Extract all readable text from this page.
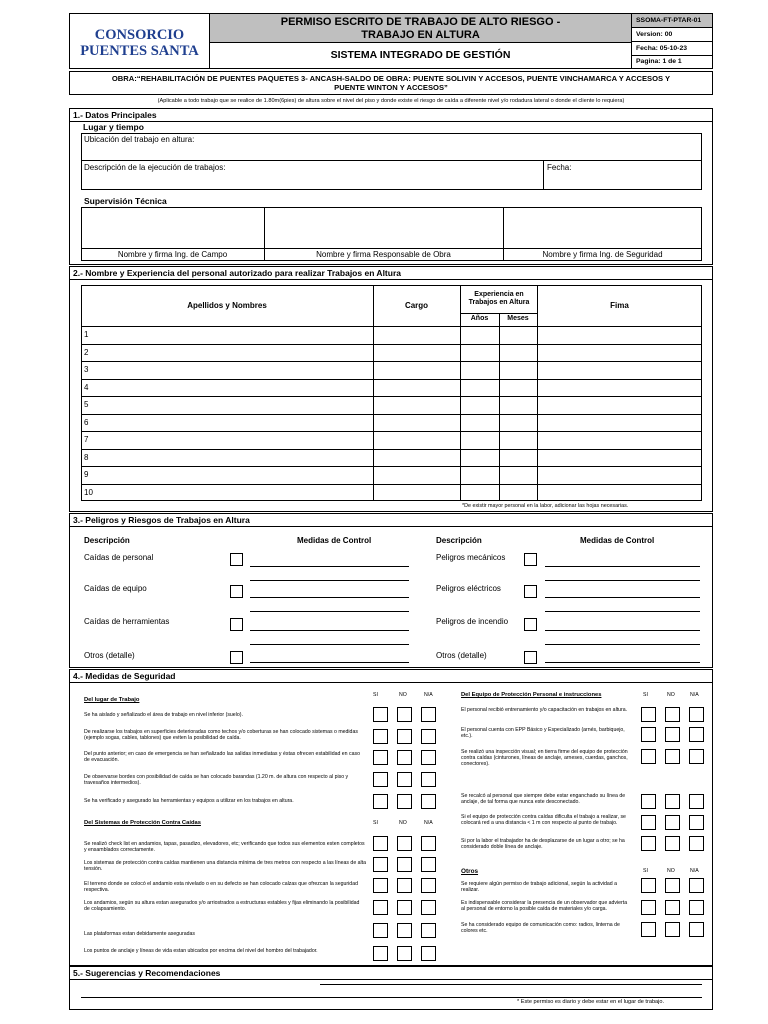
CONSORCIO
PUENTES SANTA
PERMISO ESCRITO DE TRABAJO DE ALTO RIESGO -
TRABAJO EN ALTURA
SISTEMA INTEGRADO DE GESTIÓN
SSOMA-FT-PTAR-01
Version: 00
Fecha: 05-10-23
Pagina: 1 de 1
OBRA:“REHABILITACIÓN DE PUENTES PAQUETES 3- ANCASH-SALDO DE OBRA: PUENTE SOLIVIN Y ACCESOS, PUENTE VINCHAMARCA Y ACCESOS Y PUENTE WINTON Y ACCESOS”
(Aplicable a todo trabajo que se realice de 1.80m(6pies) de altura sobre el nivel del piso y donde existe el riesgo de caída a diferente nivel y/o rodadura lateral o donde el cliente lo requiera)
1.- Datos Principales
Lugar y tiempo
Ubicación del trabajo en altura:
Descripción de la ejecución de trabajos:	Fecha:
Supervisión Técnica
Nombre y firma Ing. de Campo	Nombre y firma Responsable de Obra	Nombre y firma Ing. de Seguridad
2.- Nombre y Experiencia del personal autorizado para realizar Trabajos en Altura
Apellidos y Nombres	Cargo
Experiencia en Trabajos en Altura
Años	Meses
Fima
1
2
3
4
5
6
7
8
9
10
*De existir mayor personal en la labor, adicionar las hojas necesarias.
3.- Peligros y Riesgos de Trabajos en Altura
Descripción	Medidas de Control	Descripción	Medidas de Control
Caídas de personal
Caídas de equipo
Caídas de herramientas
Otros (detalle)
Peligros mecánicos
Peligros eléctricos
Peligros de incendio
Otros (detalle)
4.- Medidas de Seguridad
Del lugar de Trabajo
SI	NO	N/A
Se ha aislado y señalizado el área de trabajo en nivel inferior (suelo).
De realizarse los trabajos en superficies deterioradas como techos y/o coberturas se han colocado sistemas o medidas (ejemplo sogas, cables, tablones) que eviten la posibilidad de caída.
Del punto anterior; en caso de emergencia se han señalizado las salidas inmediatas y éstas ofrecen estabilidad en caso de evacuación.
De observarse bordes con posibilidad de caída se han colocado barandas (1.20 m. de altura con respecto al piso y travesaños intermedios).
Se ha verificado y asegurado las herramientas y equipos a utilizar en los trabajos en altura.
Del Sistemas de Protección Contra Caídas	SI	NO	N/A
Se realizó check list en andamios, tapas, pasadizo, elevadores, etc; verificando que todos sus elementos esten completos y ensamblados correctamente.
Los sistemas de protección contra caídas mantienen una distancia mínima de tres metros con respecto a las líneas de alta tensión.
El terreno donde se colocó el andamio esta nivelado o en su defecto se han colocado calzas que ofrezcan la seguridad respectiva.
Los andamios, según su altura estan asegurados y/o arriostrados a estructuras estables y fijas eliminando la posibilidad de colapsamiento.
Las plataformas estan debidamente aseguradas
Los puntos de anclaje y líneas de vida estan ubicados por encima del nivel del hombro del trabajador.
Del Equipo de Protección Personal e instrucciones	SI	NO	N/A
El personal recibió entrenamiento y/o capacitación en trabajos en altura.
El personal cuenta con EPP Básico y Especializado (arnés, barbiquejo, etc.).
Se realizó una inspección visual; en tierra firme del equipo de protección contra caídas (cinturones, líneas de anclaje, arneses, cuerdas, ganchos, conectores).
Se recalcó al personal que siempre debe estar enganchado su línea de anclaje, de tal forma que nunca este desconectado.
Si el equipo de protección contra caídas dificulta el trabajo a realizar, se colocará red a una distancia < 1 m con respecto al punto de trabajo.
Si por la labor el trabajador ha de desplazarse de un lugar a otro; se ha considerado doble línea de anclaje.
Otros	SI	NO	N/A
Se requiere algún permiso de trabajo adicional, según la actividad a realizar.
Es indispensable considerar la presencia de un observador que advierta al personal de entorno la posible caída de materiales y/o carga.
Se ha considerado equipo de comunicación como: radios, linterna de colores etc.
5.- Sugerencias y Recomendaciones
* Este permiso es diario y debe estar en el lugar de trabajo.
